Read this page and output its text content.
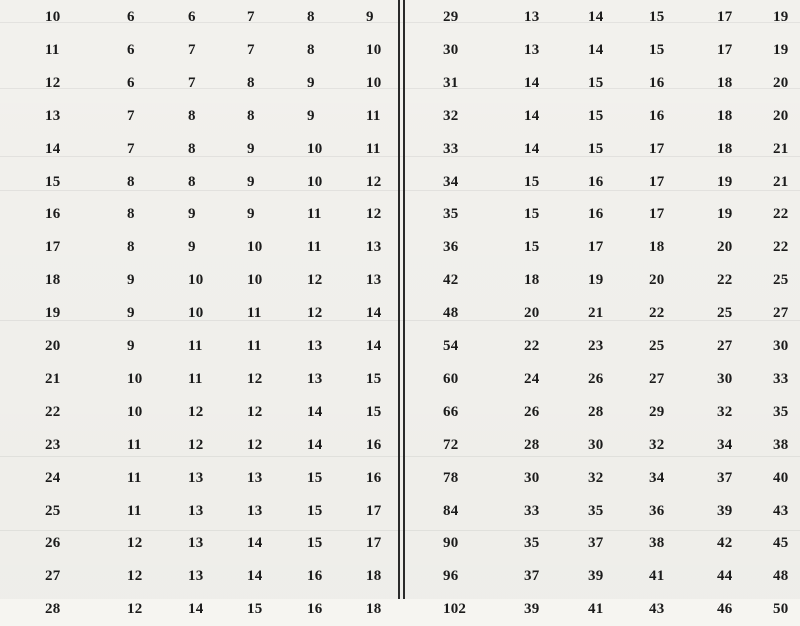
10	6	6	7	8	9
11	6	7	7	8	10
12	6	7	8	9	10
13	7	8	8	9	11
14	7	8	9	10	11
15	8	8	9	10	12
16	8	9	9	11	12
17	8	9	10	11	13
18	9	10	10	12	13
19	9	10	11	12	14
20	9	11	11	13	14
21	10	11	12	13	15
22	10	12	12	14	15
23	11	12	12	14	16
24	11	13	13	15	16
25	11	13	13	15	17
26	12	13	14	15	17
27	12	13	14	16	18
28	12	14	15	16	18
29	13	14	15	17	19
30	13	14	15	17	19
31	14	15	16	18	20
32	14	15	16	18	20
33	14	15	17	18	21
34	15	16	17	19	21
35	15	16	17	19	22
36	15	17	18	20	22
42	18	19	20	22	25
48	20	21	22	25	27
54	22	23	25	27	30
60	24	26	27	30	33
66	26	28	29	32	35
72	28	30	32	34	38
78	30	32	34	37	40
84	33	35	36	39	43
90	35	37	38	42	45
96	37	39	41	44	48
102	39	41	43	46	50
